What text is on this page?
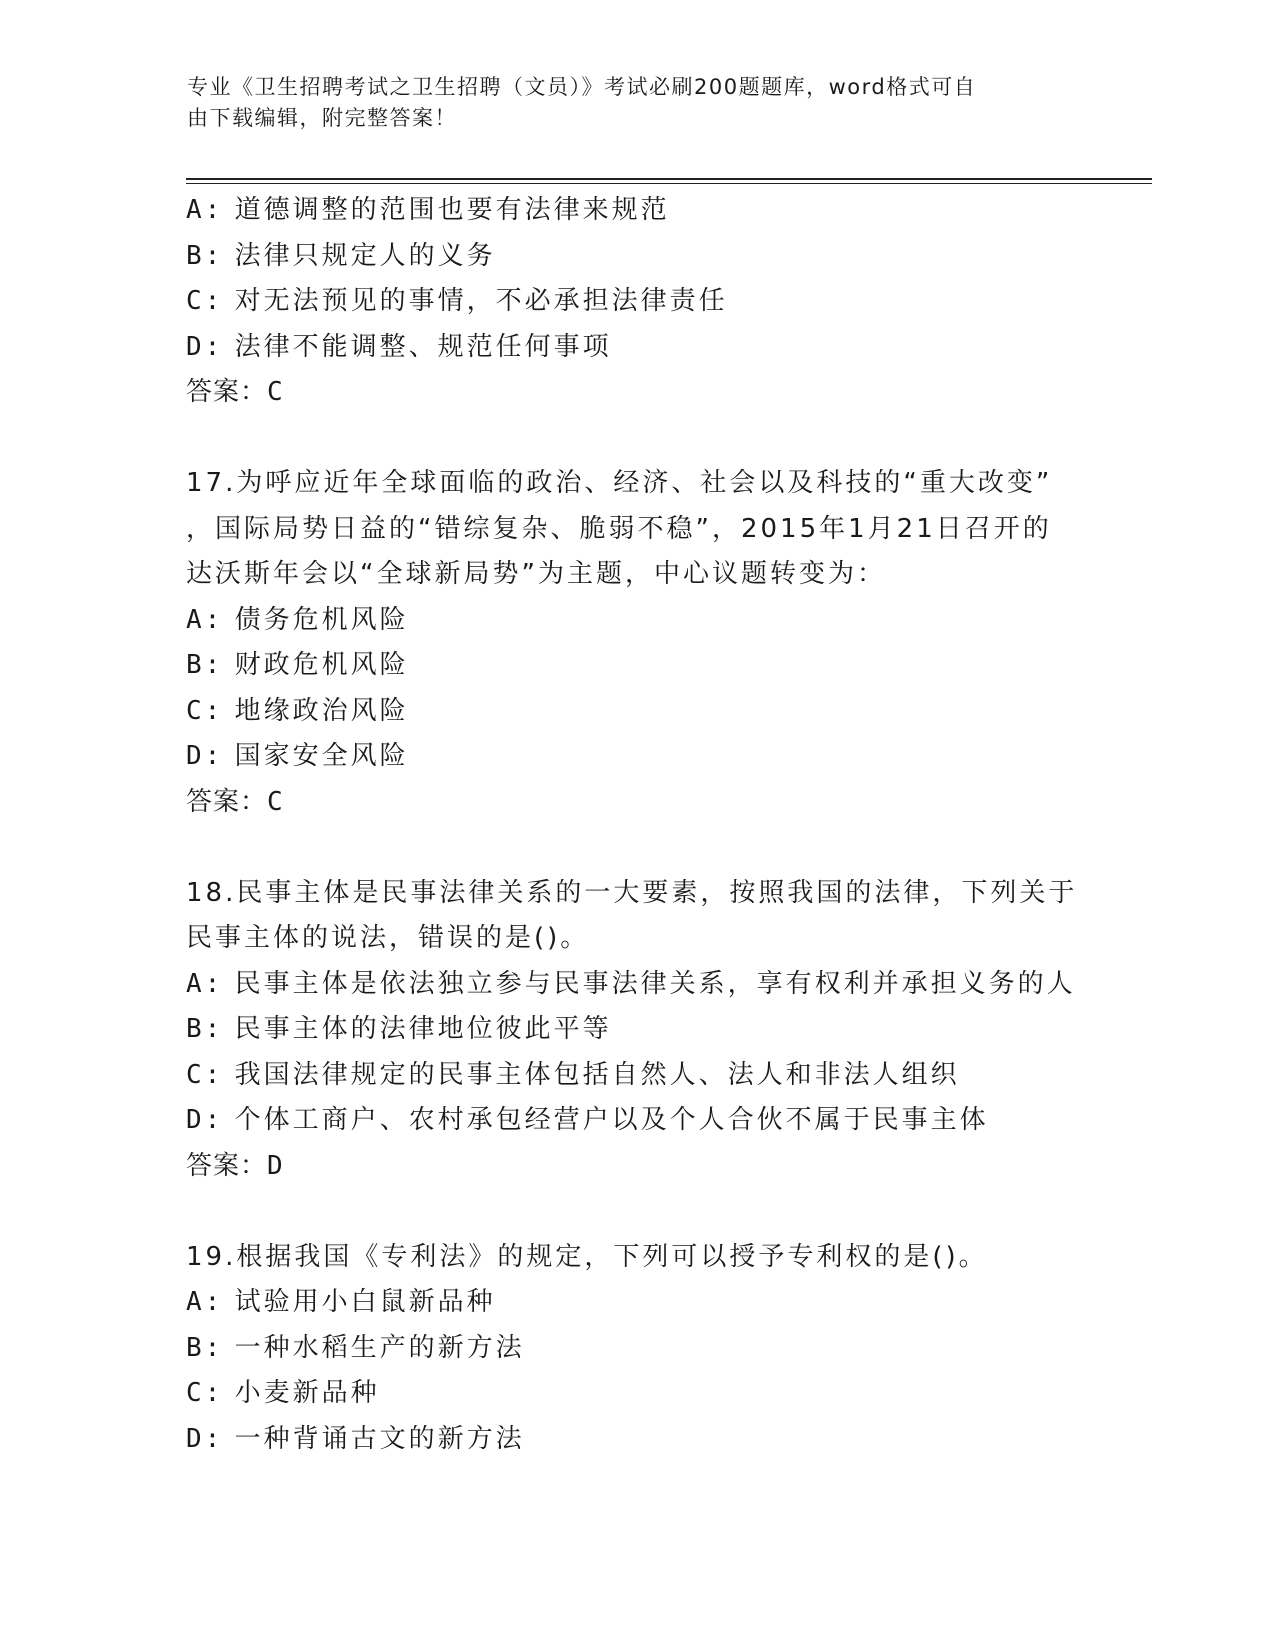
专业《卫生招聘考试之卫生招聘（文员）》考试必刷200题题库，word格式可自
由下载编辑，附完整答案！
A: 道德调整的范围也要有法律来规范
B: 法律只规定人的义务
C: 对无法预见的事情，不必承担法律责任
D: 法律不能调整、规范任何事项
答案：C
17.为呼应近年全球面临的政治、经济、社会以及科技的“重大改变”
，国际局势日益的“错综复杂、脆弱不稳”，2015年1月21日召开的
达沃斯年会以“全球新局势”为主题，中心议题转变为：
A: 债务危机风险
B: 财政危机风险
C: 地缘政治风险
D: 国家安全风险
答案：C
18.民事主体是民事法律关系的一大要素，按照我国的法律，下列关于
民事主体的说法，错误的是()。
A: 民事主体是依法独立参与民事法律关系，享有权利并承担义务的人
B: 民事主体的法律地位彼此平等
C: 我国法律规定的民事主体包括自然人、法人和非法人组织
D: 个体工商户、农村承包经营户以及个人合伙不属于民事主体
答案：D
19.根据我国《专利法》的规定，下列可以授予专利权的是()。
A: 试验用小白鼠新品种
B: 一种水稻生产的新方法
C: 小麦新品种
D: 一种背诵古文的新方法
